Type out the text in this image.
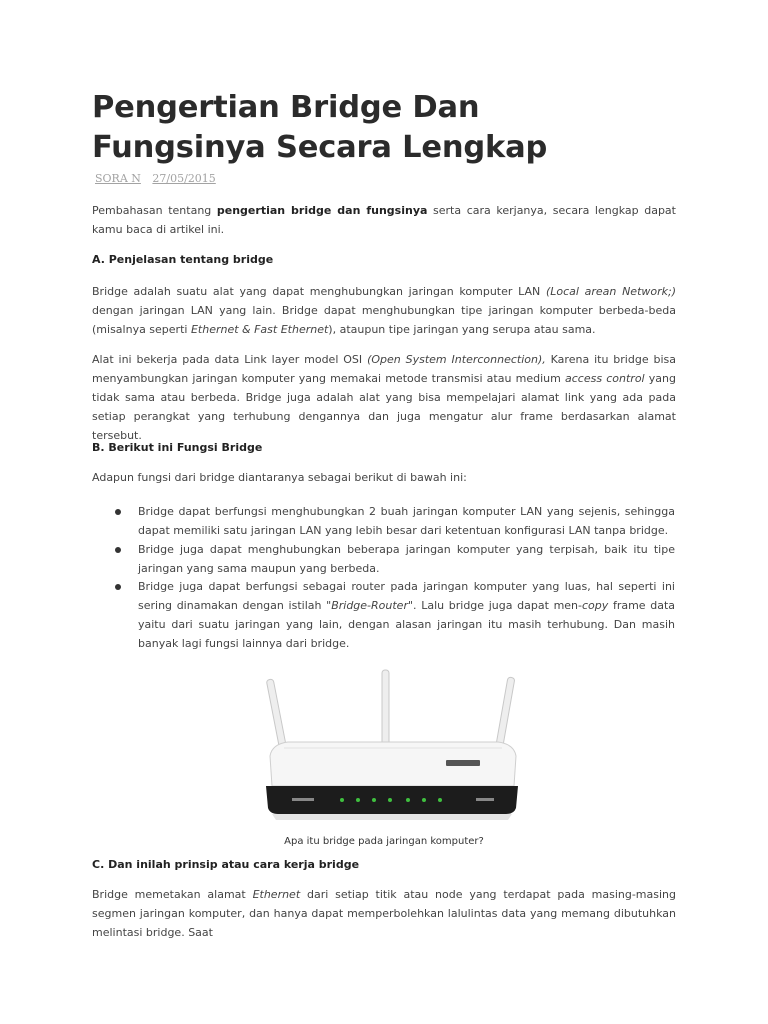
Pengertian Bridge Dan
Fungsinya Secara Lengkap
SORA N 27/05/2015

Pembahasan tentang pengertian bridge dan fungsinya serta cara kerjanya, secara lengkap dapat kamu baca di artikel ini.

A. Penjelasan tentang bridge

Bridge adalah suatu alat yang dapat menghubungkan jaringan komputer LAN (Local arean Network;) dengan jaringan LAN yang lain. Bridge dapat menghubungkan tipe jaringan komputer berbeda-beda (misalnya seperti Ethernet & Fast Ethernet), ataupun tipe jaringan yang serupa atau sama.

Alat ini bekerja pada data Link layer model OSI (Open System Interconnection), Karena itu bridge bisa menyambungkan jaringan komputer yang memakai metode transmisi atau medium access control yang tidak sama atau berbeda. Bridge juga adalah alat yang bisa mempelajari alamat link yang ada pada setiap perangkat yang terhubung dengannya dan juga mengatur alur frame berdasarkan alamat tersebut.

B. Berikut ini Fungsi Bridge

Adapun fungsi dari bridge diantaranya sebagai berikut di bawah ini:

Bridge dapat berfungsi menghubungkan 2 buah jaringan komputer LAN yang sejenis, sehingga dapat memiliki satu jaringan LAN yang lebih besar dari ketentuan konfigurasi LAN tanpa bridge.
Bridge juga dapat menghubungkan beberapa jaringan komputer yang terpisah, baik itu tipe jaringan yang sama maupun yang berbeda.
Bridge juga dapat berfungsi sebagai router pada jaringan komputer yang luas, hal seperti ini sering dinamakan dengan istilah "Bridge-Router". Lalu bridge juga dapat men-copy frame data yaitu dari suatu jaringan yang lain, dengan alasan jaringan itu masih terhubung. Dan masih banyak lagi fungsi lainnya dari bridge.
Apa itu bridge pada jaringan komputer?
C. Dan inilah prinsip atau cara kerja bridge

Bridge memetakan alamat Ethernet dari setiap titik atau node yang terdapat pada masing-masing segmen jaringan komputer, dan hanya dapat memperbolehkan lalulintas data yang memang dibutuhkan melintasi bridge. Saat
